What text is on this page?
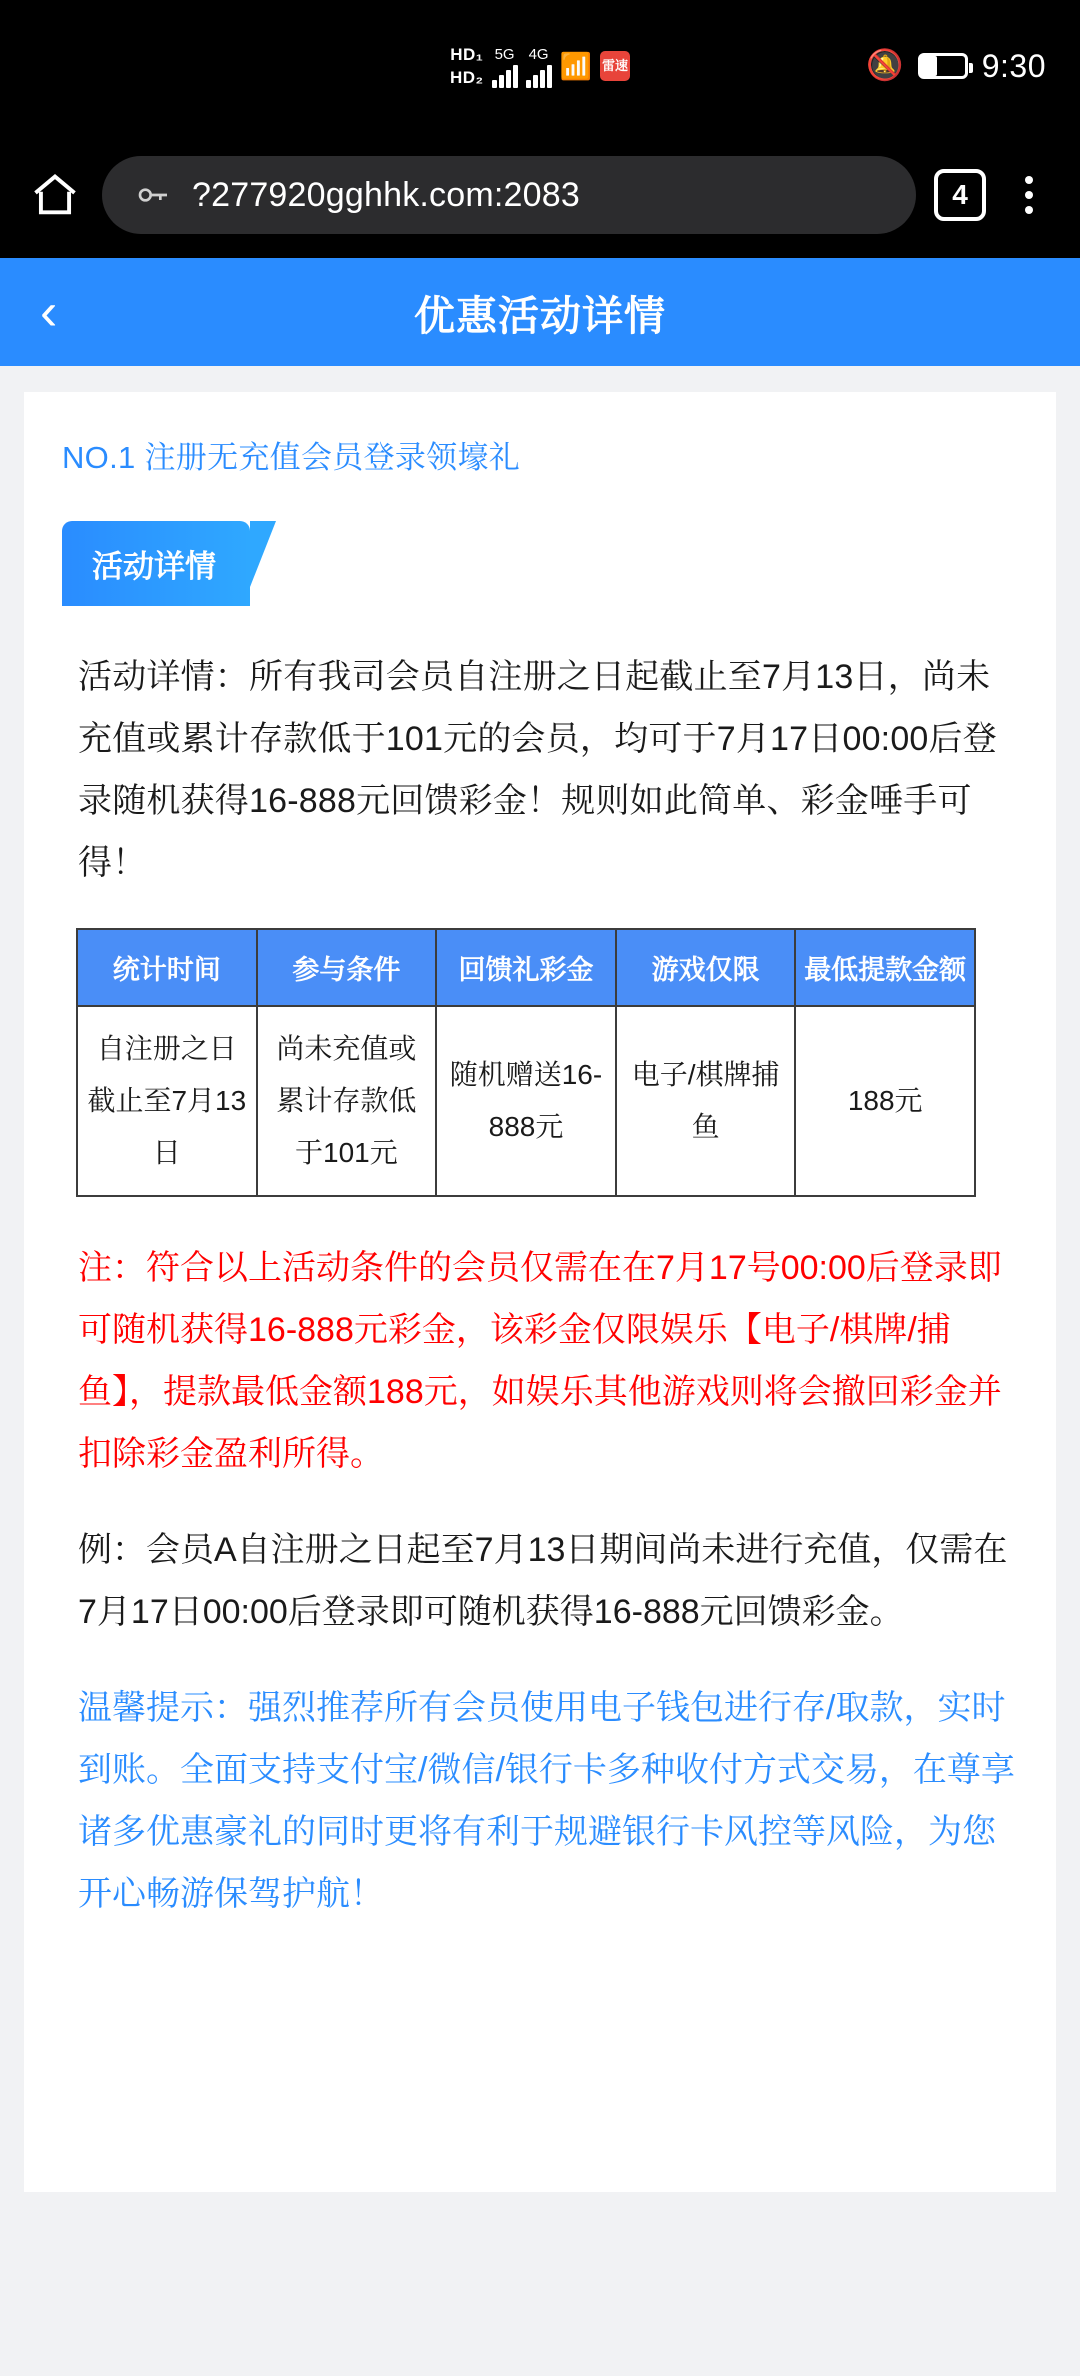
HD₁
HD₂
5G 4G 📶 雷速	🔕 9:30
?277920gghhk.com:2083	4
‹	优惠活动详情
NO.1 注册无充值会员登录领壕礼
活动详情

活动详情：所有我司会员自注册之日起截止至7月13日，尚未充值或累计存款低于101元的会员，均可于7月17日00:00后登录随机获得16-888元回馈彩金！规则如此简单、彩金唾手可得！

统计时间	参与条件	回馈礼彩金	游戏仅限	最低提款金额
自注册之日截止至7月13日	尚未充值或累计存款低于101元	随机赠送16-888元	电子/棋牌捕鱼	188元

注：符合以上活动条件的会员仅需在在7月17号00:00后登录即可随机获得16-888元彩金，该彩金仅限娱乐【电子/棋牌/捕鱼】，提款最低金额188元，如娱乐其他游戏则将会撤回彩金并扣除彩金盈利所得。

例：会员A自注册之日起至7月13日期间尚未进行充值，仅需在7月17日00:00后登录即可随机获得16-888元回馈彩金。

温馨提示：强烈推荐所有会员使用电子钱包进行存/取款，实时到账。全面支持支付宝/微信/银行卡多种收付方式交易，在尊享诸多优惠豪礼的同时更将有利于规避银行卡风控等风险，为您开心畅游保驾护航！
